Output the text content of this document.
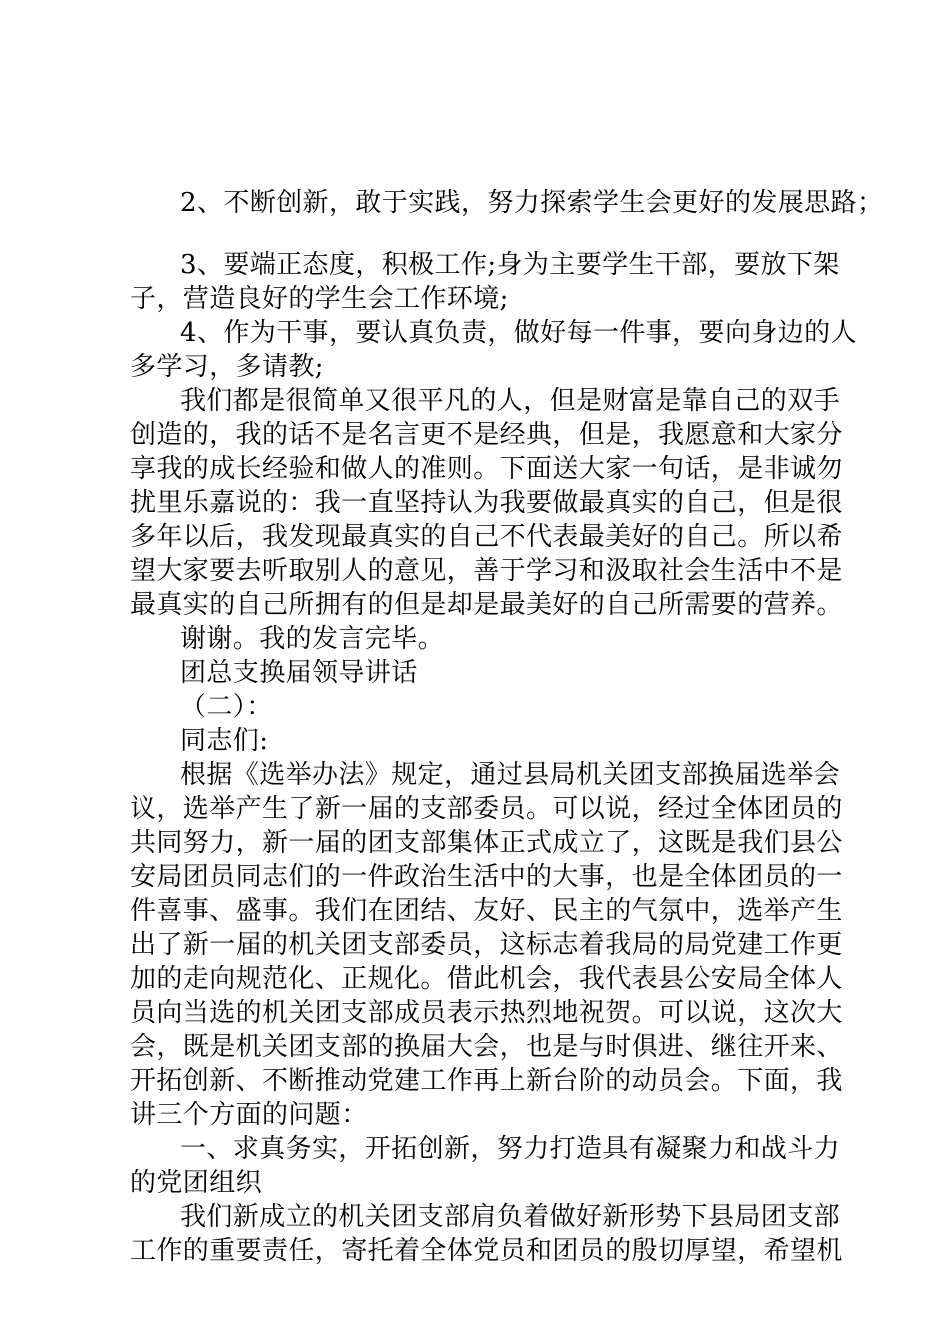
2、不断创新，敢于实践，努力探索学生会更好的发展思路；
3、要端正态度，积极工作;身为主要学生干部，要放下架
子，营造良好的学生会工作环境;
4、作为干事，要认真负责，做好每一件事，要向身边的人
多学习，多请教;
我们都是很简单又很平凡的人，但是财富是靠自己的双手
创造的，我的话不是名言更不是经典，但是，我愿意和大家分
享我的成长经验和做人的准则。下面送大家一句话，是非诚勿
扰里乐嘉说的：我一直坚持认为我要做最真实的自己，但是很
多年以后，我发现最真实的自己不代表最美好的自己。所以希
望大家要去听取别人的意见，善于学习和汲取社会生活中不是
最真实的自己所拥有的但是却是最美好的自己所需要的营养。
谢谢。我的发言完毕。
团总支换届领导讲话
（二）：
同志们:
根据《选举办法》规定，通过县局机关团支部换届选举会
议，选举产生了新一届的支部委员。可以说，经过全体团员的
共同努力，新一届的团支部集体正式成立了，这既是我们县公
安局团员同志们的一件政治生活中的大事，也是全体团员的一
件喜事、盛事。我们在团结、友好、民主的气氛中，选举产生
出了新一届的机关团支部委员，这标志着我局的局党建工作更
加的走向规范化、正规化。借此机会，我代表县公安局全体人
员向当选的机关团支部成员表示热烈地祝贺。可以说，这次大
会，既是机关团支部的换届大会，也是与时俱进、继往开来、
开拓创新、不断推动党建工作再上新台阶的动员会。下面，我
讲三个方面的问题：
一、求真务实，开拓创新，努力打造具有凝聚力和战斗力
的党团组织
我们新成立的机关团支部肩负着做好新形势下县局团支部
工作的重要责任，寄托着全体党员和团员的殷切厚望，希望机
